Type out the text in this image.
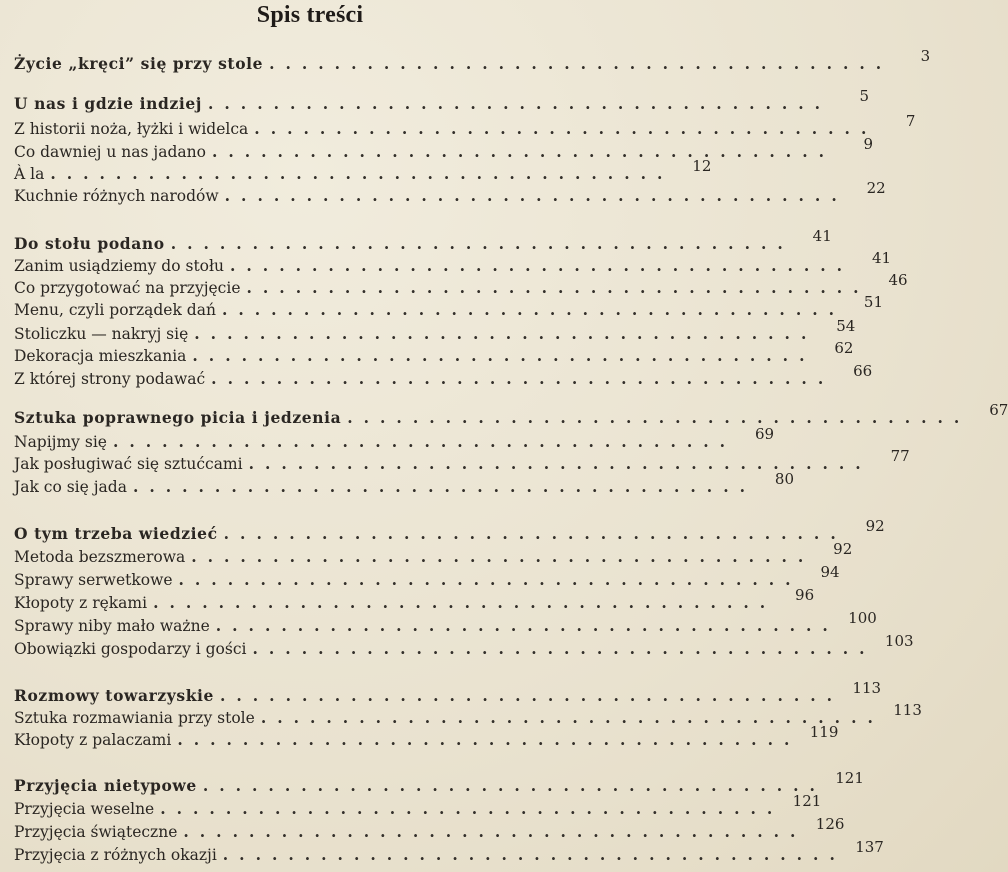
Spis treści
Życie „kręci” się przy stole ......................................	3
U nas i gdzie indziej ......................................	5
Z historii noża, łyżki i widelca ......................................	7
Co dawniej u nas jadano ......................................	9
À la ......................................	12
Kuchnie różnych narodów ......................................	22
Do stołu podano ......................................	41
Zanim usiądziemy do stołu ......................................	41
Co przygotować na przyjęcie ......................................	46
Menu, czyli porządek dań ......................................	51
Stoliczku — nakryj się ......................................	54
Dekoracja mieszkania ......................................	62
Z której strony podawać ......................................	66
Sztuka poprawnego picia i jedzenia ......................................	67
Napijmy się ......................................	69
Jak posługiwać się sztućcami ......................................	77
Jak co się jada ......................................	80
O tym trzeba wiedzieć ......................................	92
Metoda bezszmerowa ......................................	92
Sprawy serwetkowe ......................................	94
Kłopoty z rękami ......................................	96
Sprawy niby mało ważne ...................................... 100
Obowiązki gospodarzy i gości ...................................... 103
Rozmowy towarzyskie ...................................... 113
Sztuka rozmawiania przy stole ...................................... 113
Kłopoty z palaczami ...................................... 119
Przyjęcia nietypowe ...................................... 121
Przyjęcia weselne ...................................... 121
Przyjęcia świąteczne ...................................... 126
Przyjęcia z różnych okazji ...................................... 137
